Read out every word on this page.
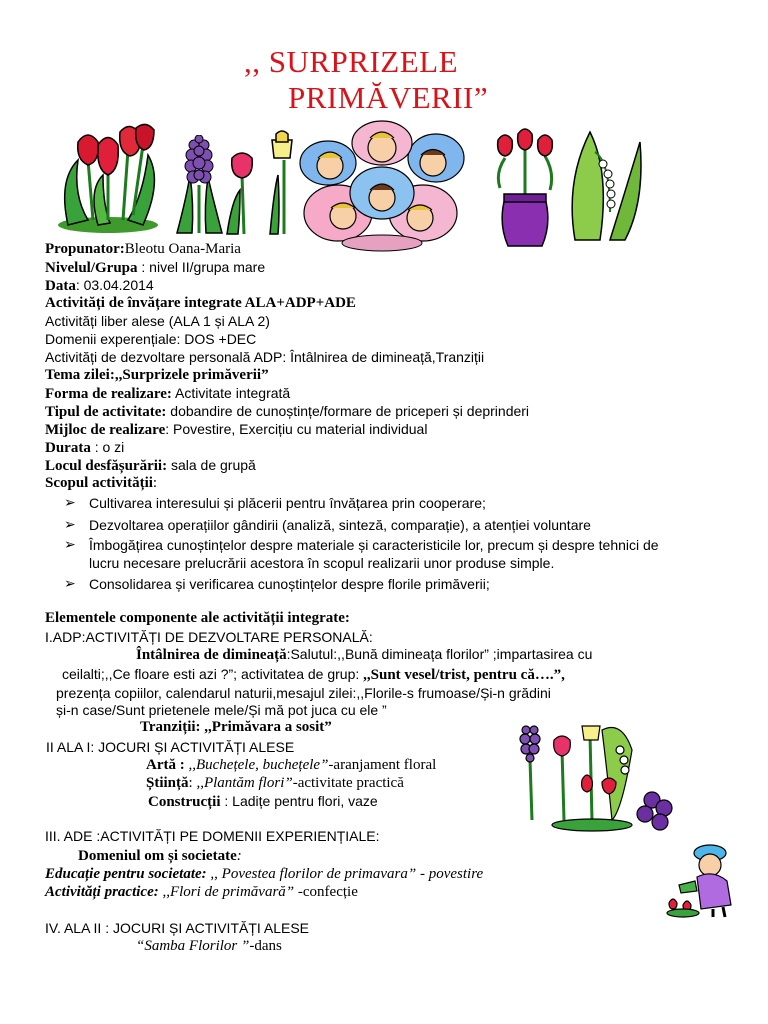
,, SURPRIZELE
PRIMĂVERII”
Propunator:Bleotu Oana-Maria
Nivelul/Grupa : nivel II/grupa mare
Data: 03.04.2014
Activități de învățare integrate ALA+ADP+ADE
Activități liber alese (ALA 1 și ALA 2)
Domenii experențiale: DOS +DEC
Activități de dezvoltare personală ADP: Întâlnirea de dimineață,Tranziții
Tema zilei:,,Surprizele primăverii”
Forma de realizare: Activitate integrată
Tipul de activitate: dobandire de cunoștințe/formare de priceperi și deprinderi
Mijloc de realizare: Povestire, Exercițiu cu material individual
Durata : o zi
Locul desfășurării: sala de grupă
Scopul activității:
➢ Cultivarea interesului și plăcerii pentru învățarea prin cooperare;
➢ Dezvoltarea operațiilor gândirii (analiză, sinteză, comparație), a atenției voluntare
➢ Îmbogățirea cunoștințelor despre materiale și caracteristicile lor, precum și despre tehnici de
lucru necesare prelucrării acestora în scopul realizarii unor produse simple.
➢ Consolidarea și verificarea cunoștințelor despre florile primăverii;
Elementele componente ale activității integrate:
I.ADP:ACTIVITĂȚI DE DEZVOLTARE PERSONALĂ:
Întâlnirea de dimineață:Salutul:,,Bună dimineața florilor” ;impartasirea cu
ceilalti;,,Ce floare esti azi ?”; activitatea de grup: ,,Sunt vesel/trist, pentru că….”,
prezența copiilor, calendarul naturii,mesajul zilei:,,Florile-s frumoase/Și-n grădini
și-n case/Sunt prietenele mele/Și mă pot juca cu ele ”
Tranziții: ,,Primăvara a sosit”
II ALA I: JOCURI ȘI ACTIVITĂȚI ALESE
Artă : ,,Buchețele, buchețele”-aranjament floral
Știință: ,,Plantăm flori”-activitate practică
Construcții : Ladițe pentru flori, vaze
III. ADE :ACTIVITĂȚI PE DOMENII EXPERIENȚIALE:
Domeniul om și societate:
Educație pentru societate: ,, Povestea florilor de primavara” - povestire
Activități practice: ,,Flori de primăvară” -confecție
IV. ALA II : JOCURI ȘI ACTIVITĂȚI ALESE
“Samba Florilor ”-dans
